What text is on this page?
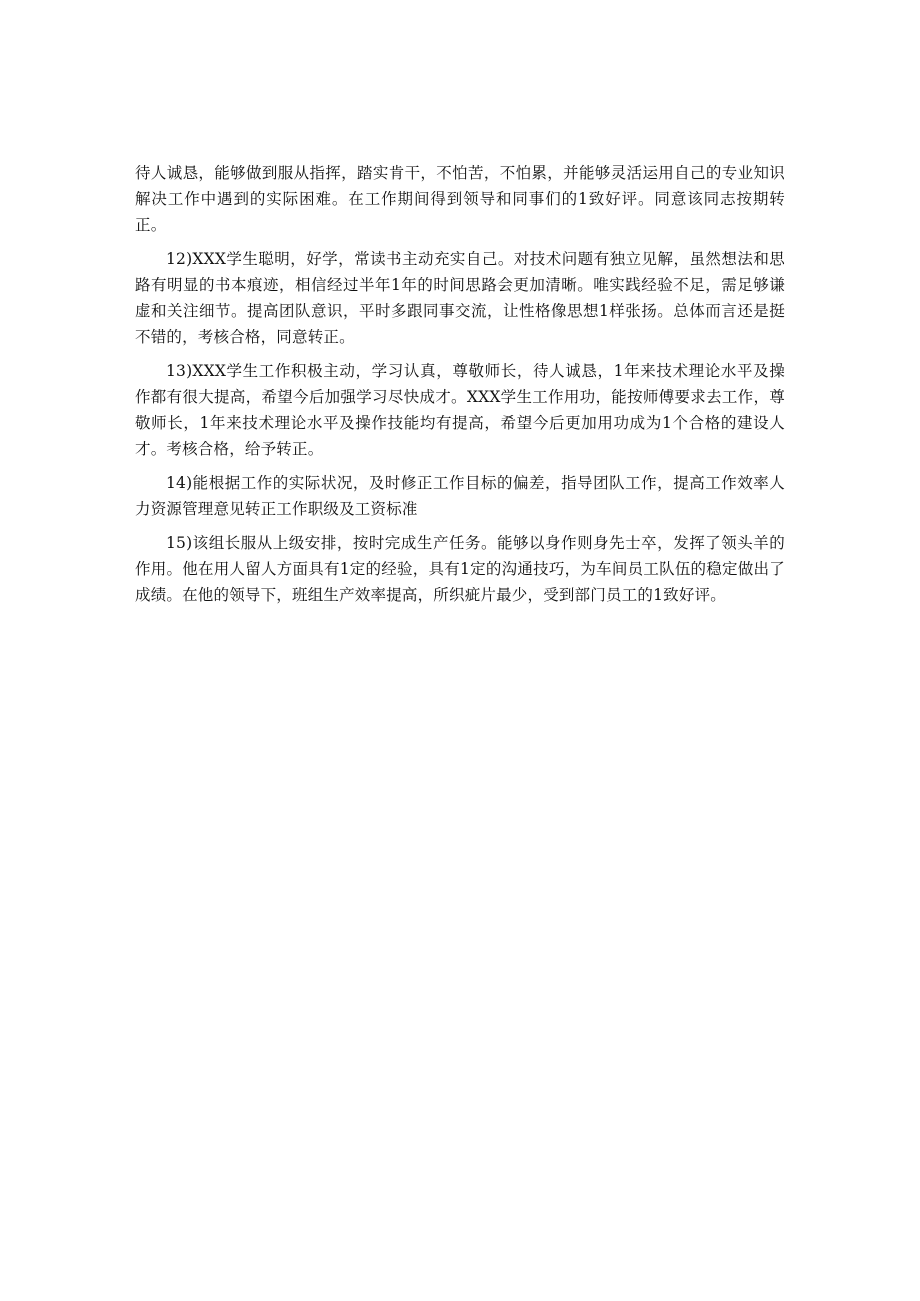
待人诚恳，能够做到服从指挥，踏实肯干，不怕苦，不怕累，并能够灵活运用自己的专业知识解决工作中遇到的实际困难。在工作期间得到领导和同事们的1致好评。同意该同志按期转正。

12)XXX学生聪明，好学，常读书主动充实自己。对技术问题有独立见解，虽然想法和思路有明显的书本痕迹，相信经过半年1年的时间思路会更加清晰。唯实践经验不足，需足够谦虚和关注细节。提高团队意识，平时多跟同事交流，让性格像思想1样张扬。总体而言还是挺不错的，考核合格，同意转正。

13)XXX学生工作积极主动，学习认真，尊敬师长，待人诚恳，1年来技术理论水平及操作都有很大提高，希望今后加强学习尽快成才。XXX学生工作用功，能按师傅要求去工作，尊敬师长，1年来技术理论水平及操作技能均有提高，希望今后更加用功成为1个合格的建设人才。考核合格，给予转正。

14)能根据工作的实际状况，及时修正工作目标的偏差，指导团队工作，提高工作效率人力资源管理意见转正工作职级及工资标准

15)该组长服从上级安排，按时完成生产任务。能够以身作则身先士卒，发挥了领头羊的作用。他在用人留人方面具有1定的经验，具有1定的沟通技巧，为车间员工队伍的稳定做出了成绩。在他的领导下，班组生产效率提高，所织疵片最少，受到部门员工的1致好评。
